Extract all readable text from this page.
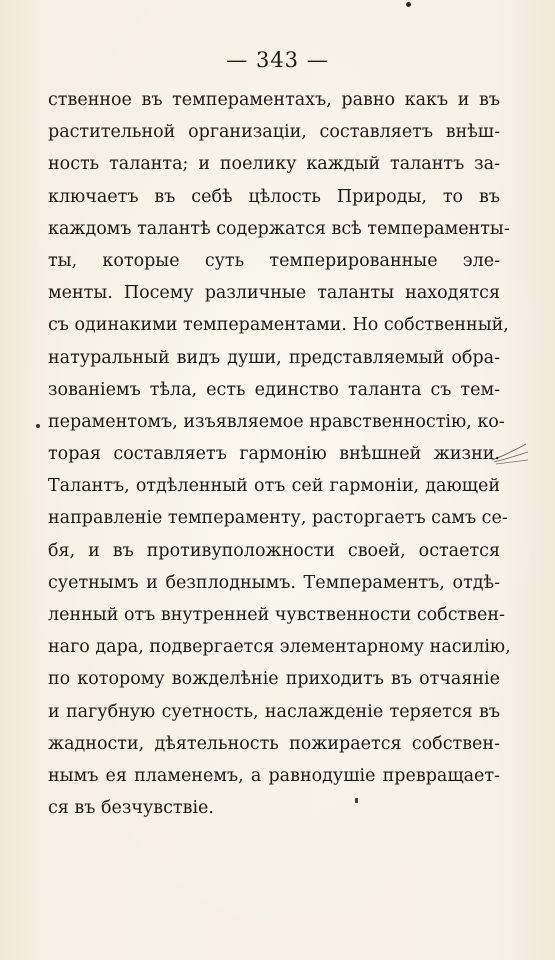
— 343 —
ственное въ темпераментахъ, равно какъ и въ
растительной организаціи, составляетъ внѣш-
ность таланта; и поелику каждый талантъ за-
ключаетъ въ себѣ цѣлость Природы, то въ
каждомъ талантѣ содержатся всѣ темпераменты-
ты, которые суть темперированные эле-
менты. Посему различные таланты находятся
съ одинакими темпераментами. Но собственный,
натуральный видъ души, представляемый обра-
зованіемъ тѣла, есть единство таланта съ тем-
пераментомъ, изъявляемое нравственностію, ко-
торая составляетъ гармонію внѣшней жизни.
Талантъ, отдѣленный отъ сей гармоніи, дающей
направленіе темпераменту, расторгаетъ самъ се-
бя, и въ противуположности своей, остается
суетнымъ и безплоднымъ. Темпераментъ, отдѣ-
ленный отъ внутренней чувственности собствен-
наго дара, подвергается элементарному насилію,
по которому вожделѣніе приходитъ въ отчаяніе
и пагубную суетность, наслажденіе теряется въ
жадности, дѣятельность пожирается собствен-
нымъ ея пламенемъ, а равнодушіе превращает-
ся въ безчувствіе.
